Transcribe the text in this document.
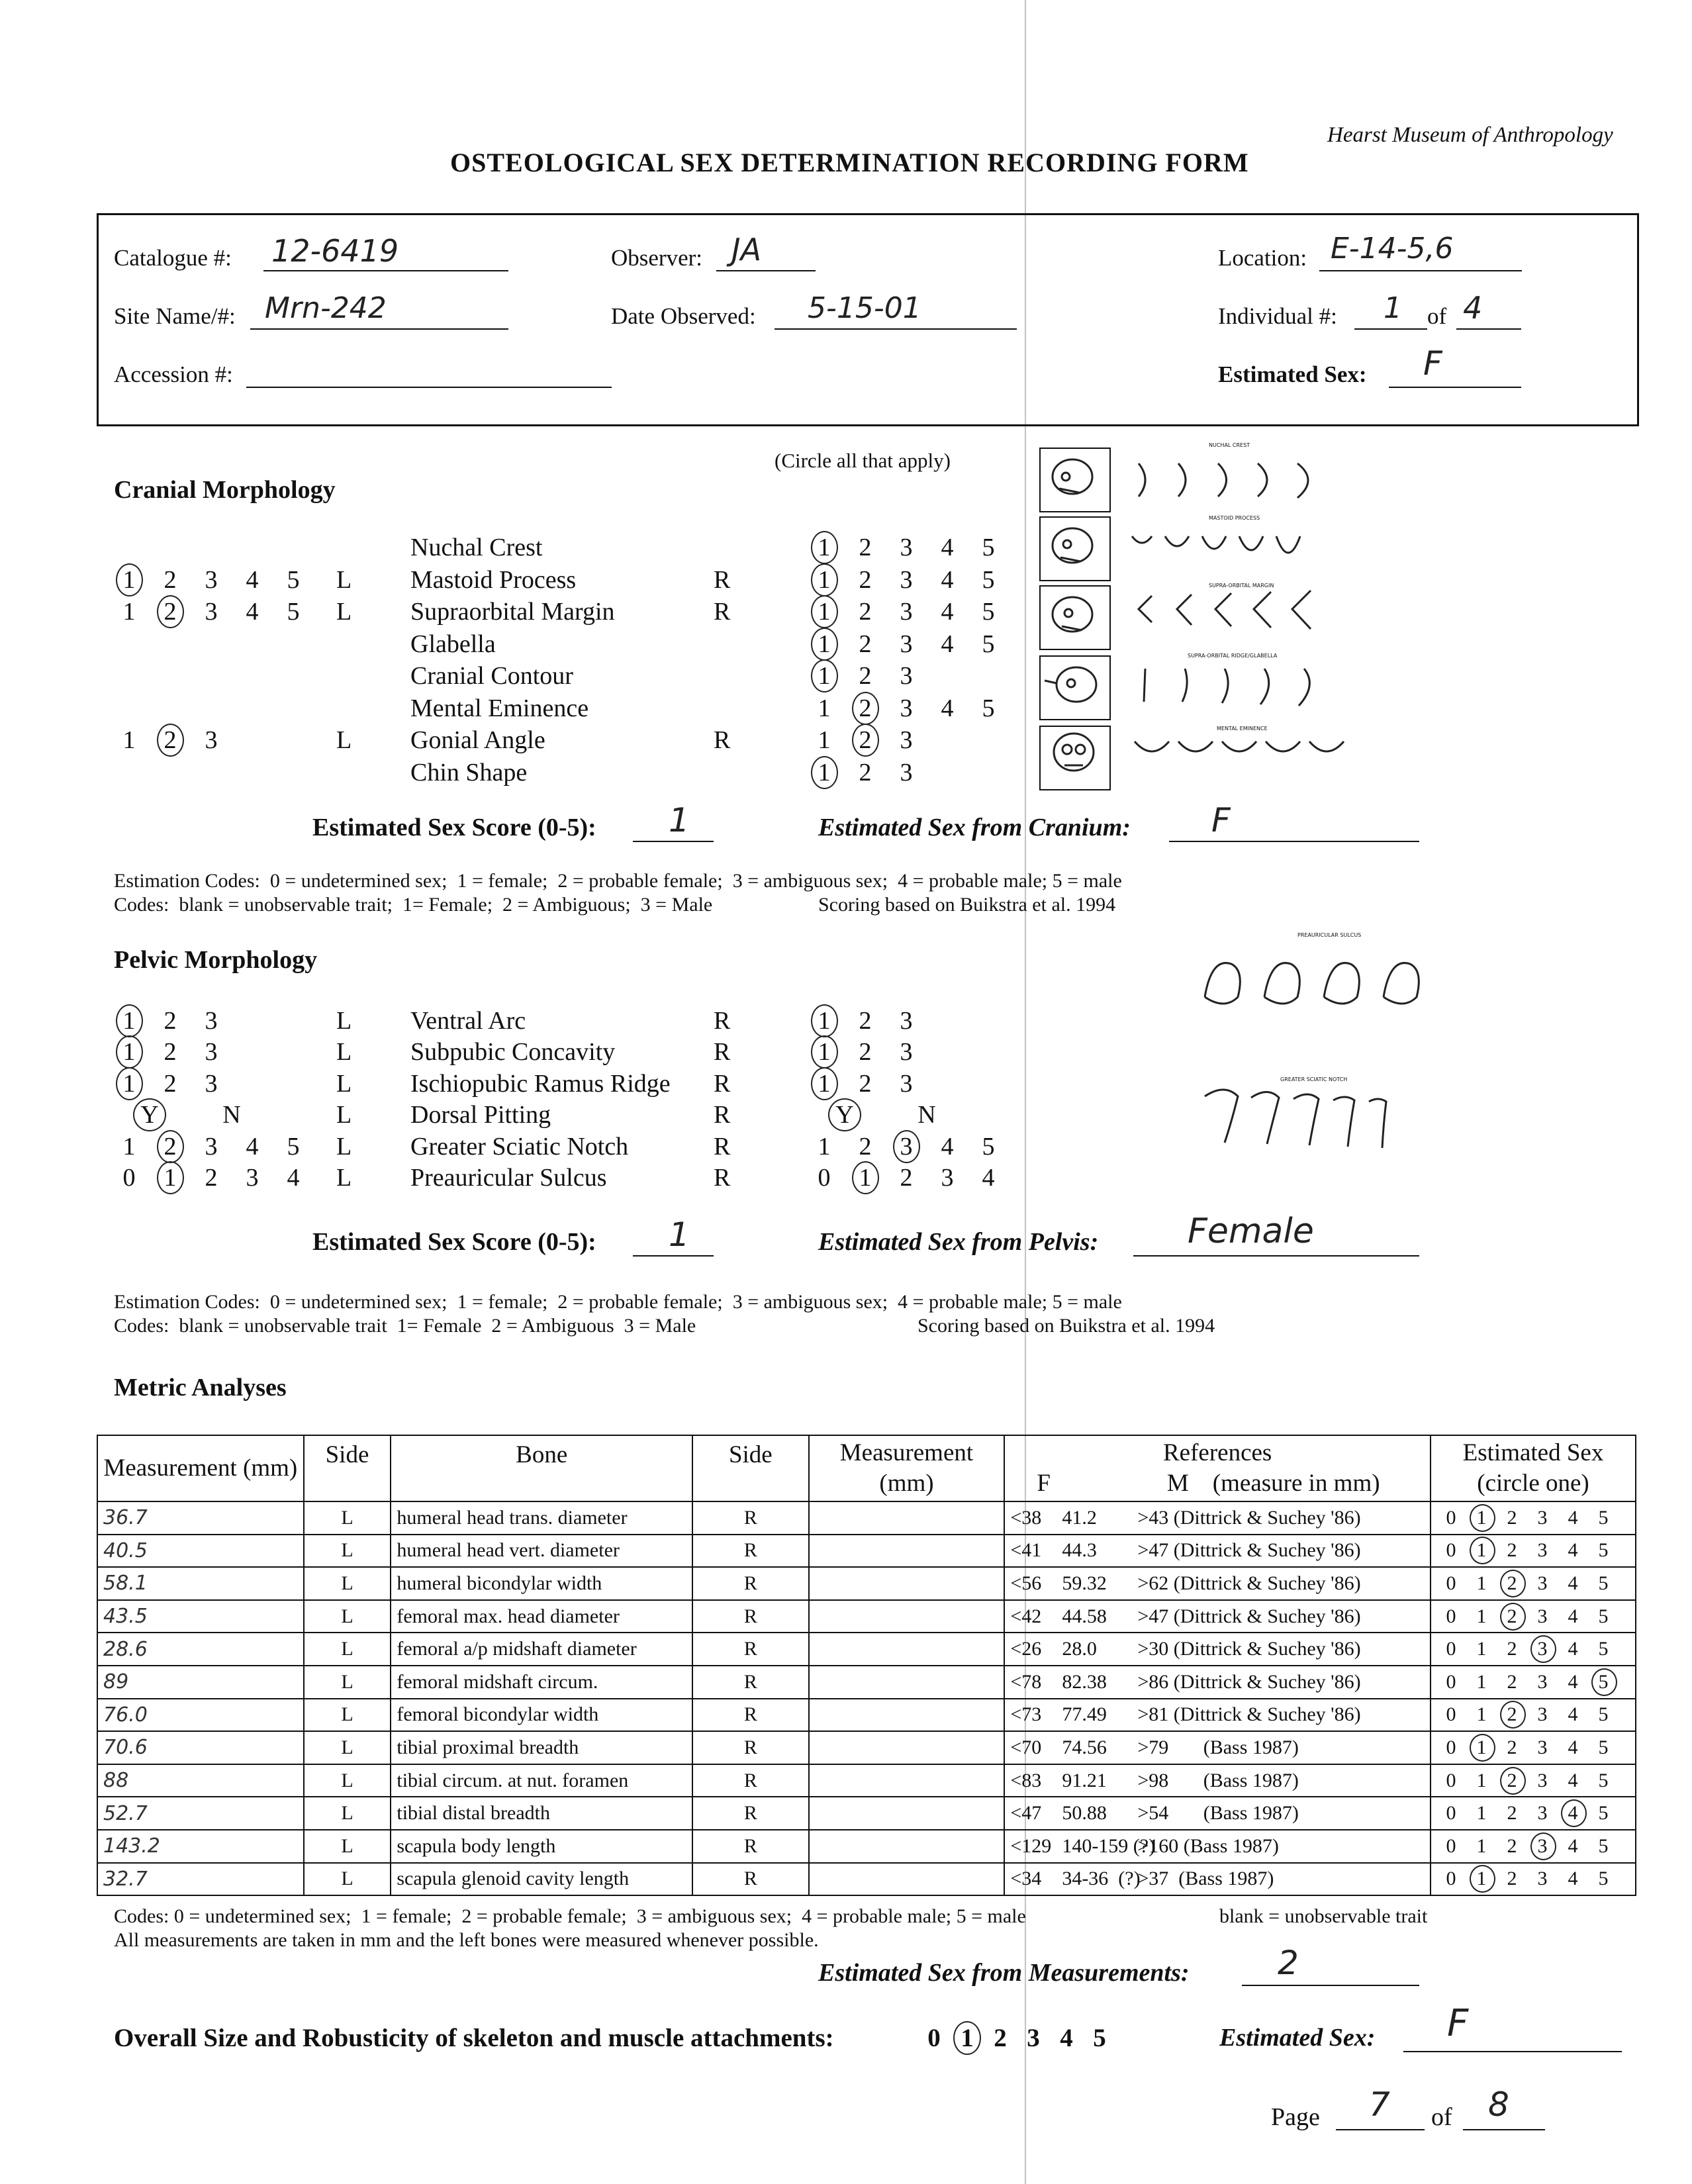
Hearst Museum of Anthropology
OSTEOLOGICAL SEX DETERMINATION RECORDING FORM
Catalogue #: 12-6419	Observer: JA	Location: E-14-5,6
Site Name/#: Mrn-242	Date Observed: 5-15-01	Individual #: 1 of 4
Accession #:	Estimated Sex: F
Cranial Morphology
(Circle all that apply)
Nuchal Crest	1 2 3 4 5
1 2 3 4 5	L Mastoid Process	R	1 2 3 4 5
1 2 3 4 5	L Supraorbital Margin	R	1 2 3 4 5
Glabella	1 2 3 4 5
Cranial Contour	1 2 3
Mental Eminence	1 2 3 4 5
1 2 3	L Gonial Angle	R	1 2 3
Chin Shape	1 2 3
Estimated Sex Score (0-5): 1	Estimated Sex from Cranium: F
Estimation Codes:  0 = undetermined sex;  1 = female;  2 = probable female;  3 = ambiguous sex;  4 = probable male; 5 = male
Codes:  blank = unobservable trait;  1= Female;  2 = Ambiguous;  3 = Male	Scoring based on Buikstra et al. 1994
NUCHAL CREST
MASTOID PROCESS
SUPRA-ORBITAL MARGIN
SUPRA-ORBITAL RIDGE/GLABELLA
MENTAL EMINENCE
Pelvic Morphology
1 2 3	L Ventral Arc	R	1 2 3
1 2 3	L Subpubic Concavity	R	1 2 3
1 2 3	L Ischiopubic Ramus Ridge R	1 2 3
Y	N	L Dorsal Pitting	R	Y	N
1 2 3 4 5	L Greater Sciatic Notch	R	1 2 3 4 5
0 1 2 3 4	L Preauricular Sulcus	R	0 1 2 3 4
PREAURICULAR SULCUS
GREATER SCIATIC NOTCH
Estimated Sex Score (0-5): 1	Estimated Sex from Pelvis:	Female
Estimation Codes:  0 = undetermined sex;  1 = female;  2 = probable female;  3 = ambiguous sex;  4 = probable male; 5 = male
Codes:  blank = unobservable trait  1= Female  2 = Ambiguous  3 = Male	Scoring based on Buikstra et al. 1994
Metric Analyses
Measurement (mm)	Side	Bone	Side	Measurement (mm)	References
F M (measure in mm)	Estimated Sex (circle one)
36.7	L	humeral head trans. diameter	R		<38 41.2 >43 (Dittrick & Suchey '86)	0 1 2 3 4 5
40.5	L	humeral head vert. diameter	R		<41 44.3 >47 (Dittrick & Suchey '86)	0 1 2 3 4 5
58.1	L	humeral bicondylar width	R		<56 59.32 >62 (Dittrick & Suchey '86)	0 1 2 3 4 5
43.5	L	femoral max. head diameter	R		<42 44.58 >47 (Dittrick & Suchey '86)	0 1 2 3 4 5
28.6	L	femoral a/p midshaft diameter	R		<26 28.0 >30 (Dittrick & Suchey '86)	0 1 2 3 4 5
89	L	femoral midshaft circum.	R		<78 82.38 >86 (Dittrick & Suchey '86)	0 1 2 3 4 5
76.0	L	femoral bicondylar width	R		<73 77.49 >81 (Dittrick & Suchey '86)	0 1 2 3 4 5
70.6	L	tibial proximal breadth	R		<70 74.56 >79       (Bass 1987)	0 1 2 3 4 5
88	L	tibial circum. at nut. foramen	R		<83 91.21 >98       (Bass 1987)	0 1 2 3 4 5
52.7	L	tibial distal breadth	R		<47 50.88 >54       (Bass 1987)	0 1 2 3 4 5
143.2	L	scapula body length	R		<129 140-159 (?)>160 (Bass 1987)	0 1 2 3 4 5
32.7	L	scapula glenoid cavity length	R		<34 34-36  (?)>37  (Bass 1987)	0 1 2 3 4 5
Codes: 0 = undetermined sex;  1 = female;  2 = probable female;  3 = ambiguous sex;  4 = probable male; 5 = male	blank = unobservable trait
All measurements are taken in mm and the left bones were measured whenever possible.
Estimated Sex from Measurements:	2
Overall Size and Robusticity of skeleton and muscle attachments:	0 1 2 3 4 5	Estimated Sex: F
Page 7 of 8
